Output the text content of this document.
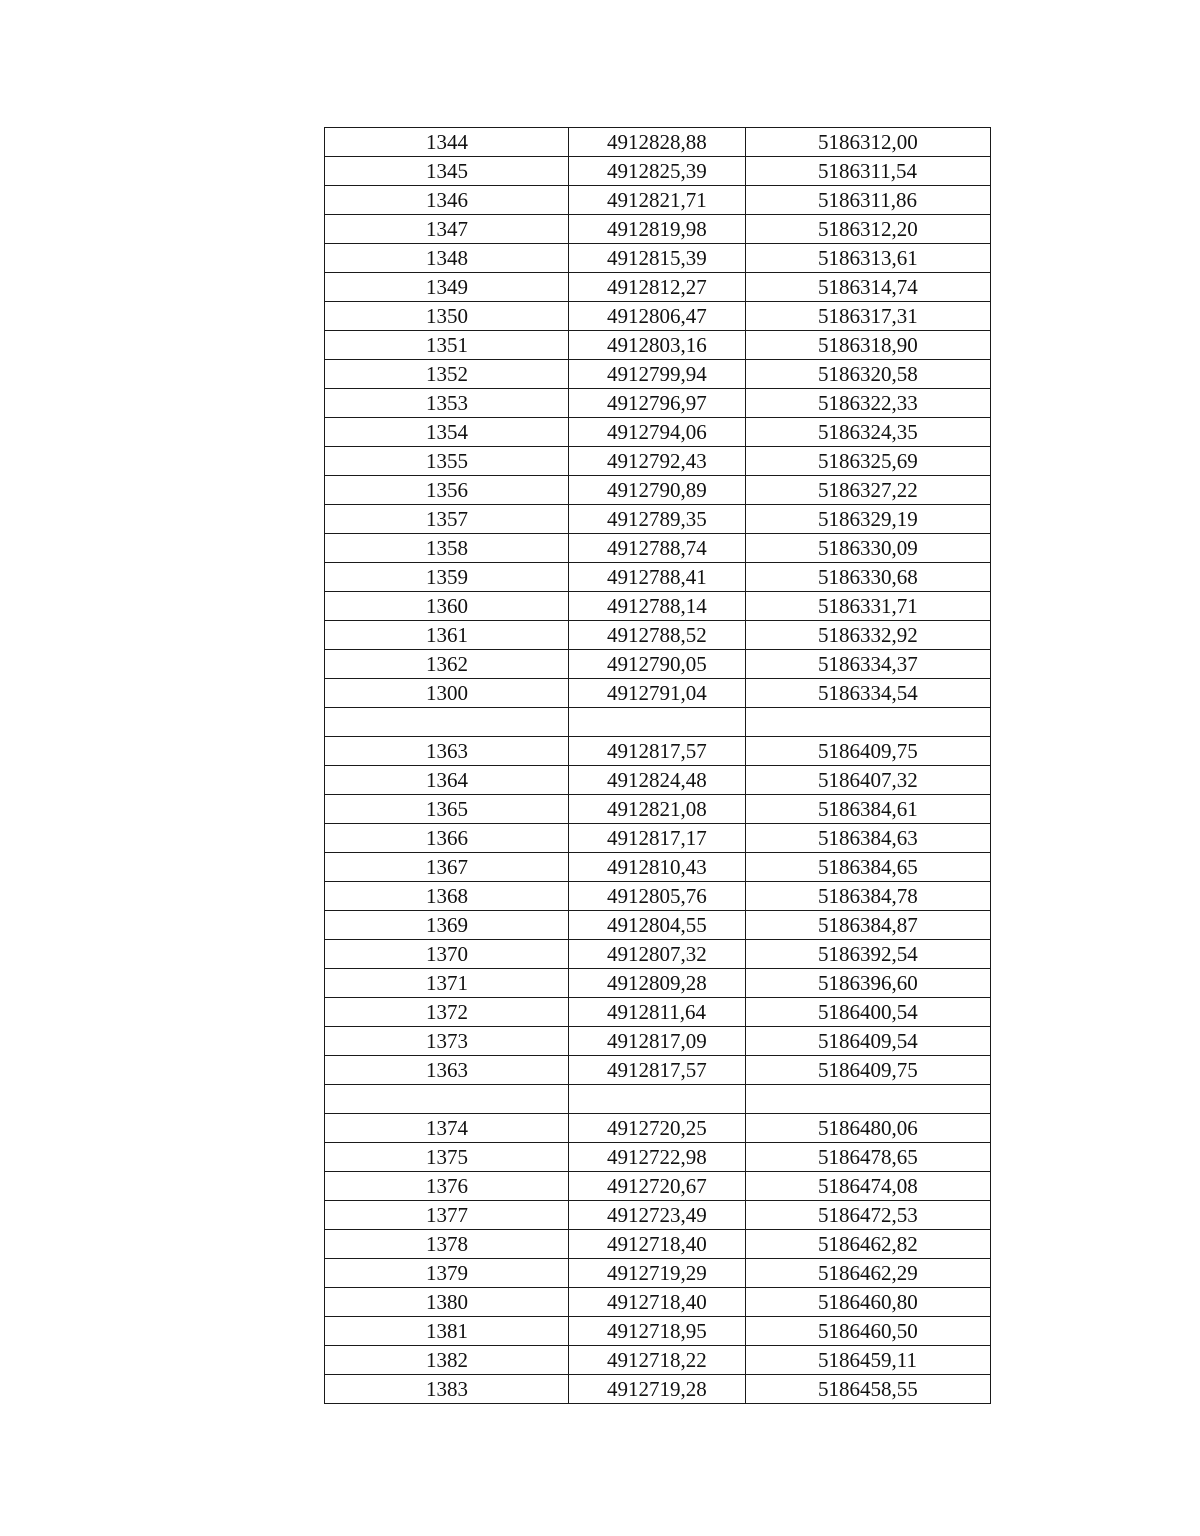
1344	4912828,88	5186312,00
1345	4912825,39	5186311,54
1346	4912821,71	5186311,86
1347	4912819,98	5186312,20
1348	4912815,39	5186313,61
1349	4912812,27	5186314,74
1350	4912806,47	5186317,31
1351	4912803,16	5186318,90
1352	4912799,94	5186320,58
1353	4912796,97	5186322,33
1354	4912794,06	5186324,35
1355	4912792,43	5186325,69
1356	4912790,89	5186327,22
1357	4912789,35	5186329,19
1358	4912788,74	5186330,09
1359	4912788,41	5186330,68
1360	4912788,14	5186331,71
1361	4912788,52	5186332,92
1362	4912790,05	5186334,37
1300	4912791,04	5186334,54

1363	4912817,57	5186409,75
1364	4912824,48	5186407,32
1365	4912821,08	5186384,61
1366	4912817,17	5186384,63
1367	4912810,43	5186384,65
1368	4912805,76	5186384,78
1369	4912804,55	5186384,87
1370	4912807,32	5186392,54
1371	4912809,28	5186396,60
1372	4912811,64	5186400,54
1373	4912817,09	5186409,54
1363	4912817,57	5186409,75

1374	4912720,25	5186480,06
1375	4912722,98	5186478,65
1376	4912720,67	5186474,08
1377	4912723,49	5186472,53
1378	4912718,40	5186462,82
1379	4912719,29	5186462,29
1380	4912718,40	5186460,80
1381	4912718,95	5186460,50
1382	4912718,22	5186459,11
1383	4912719,28	5186458,55
